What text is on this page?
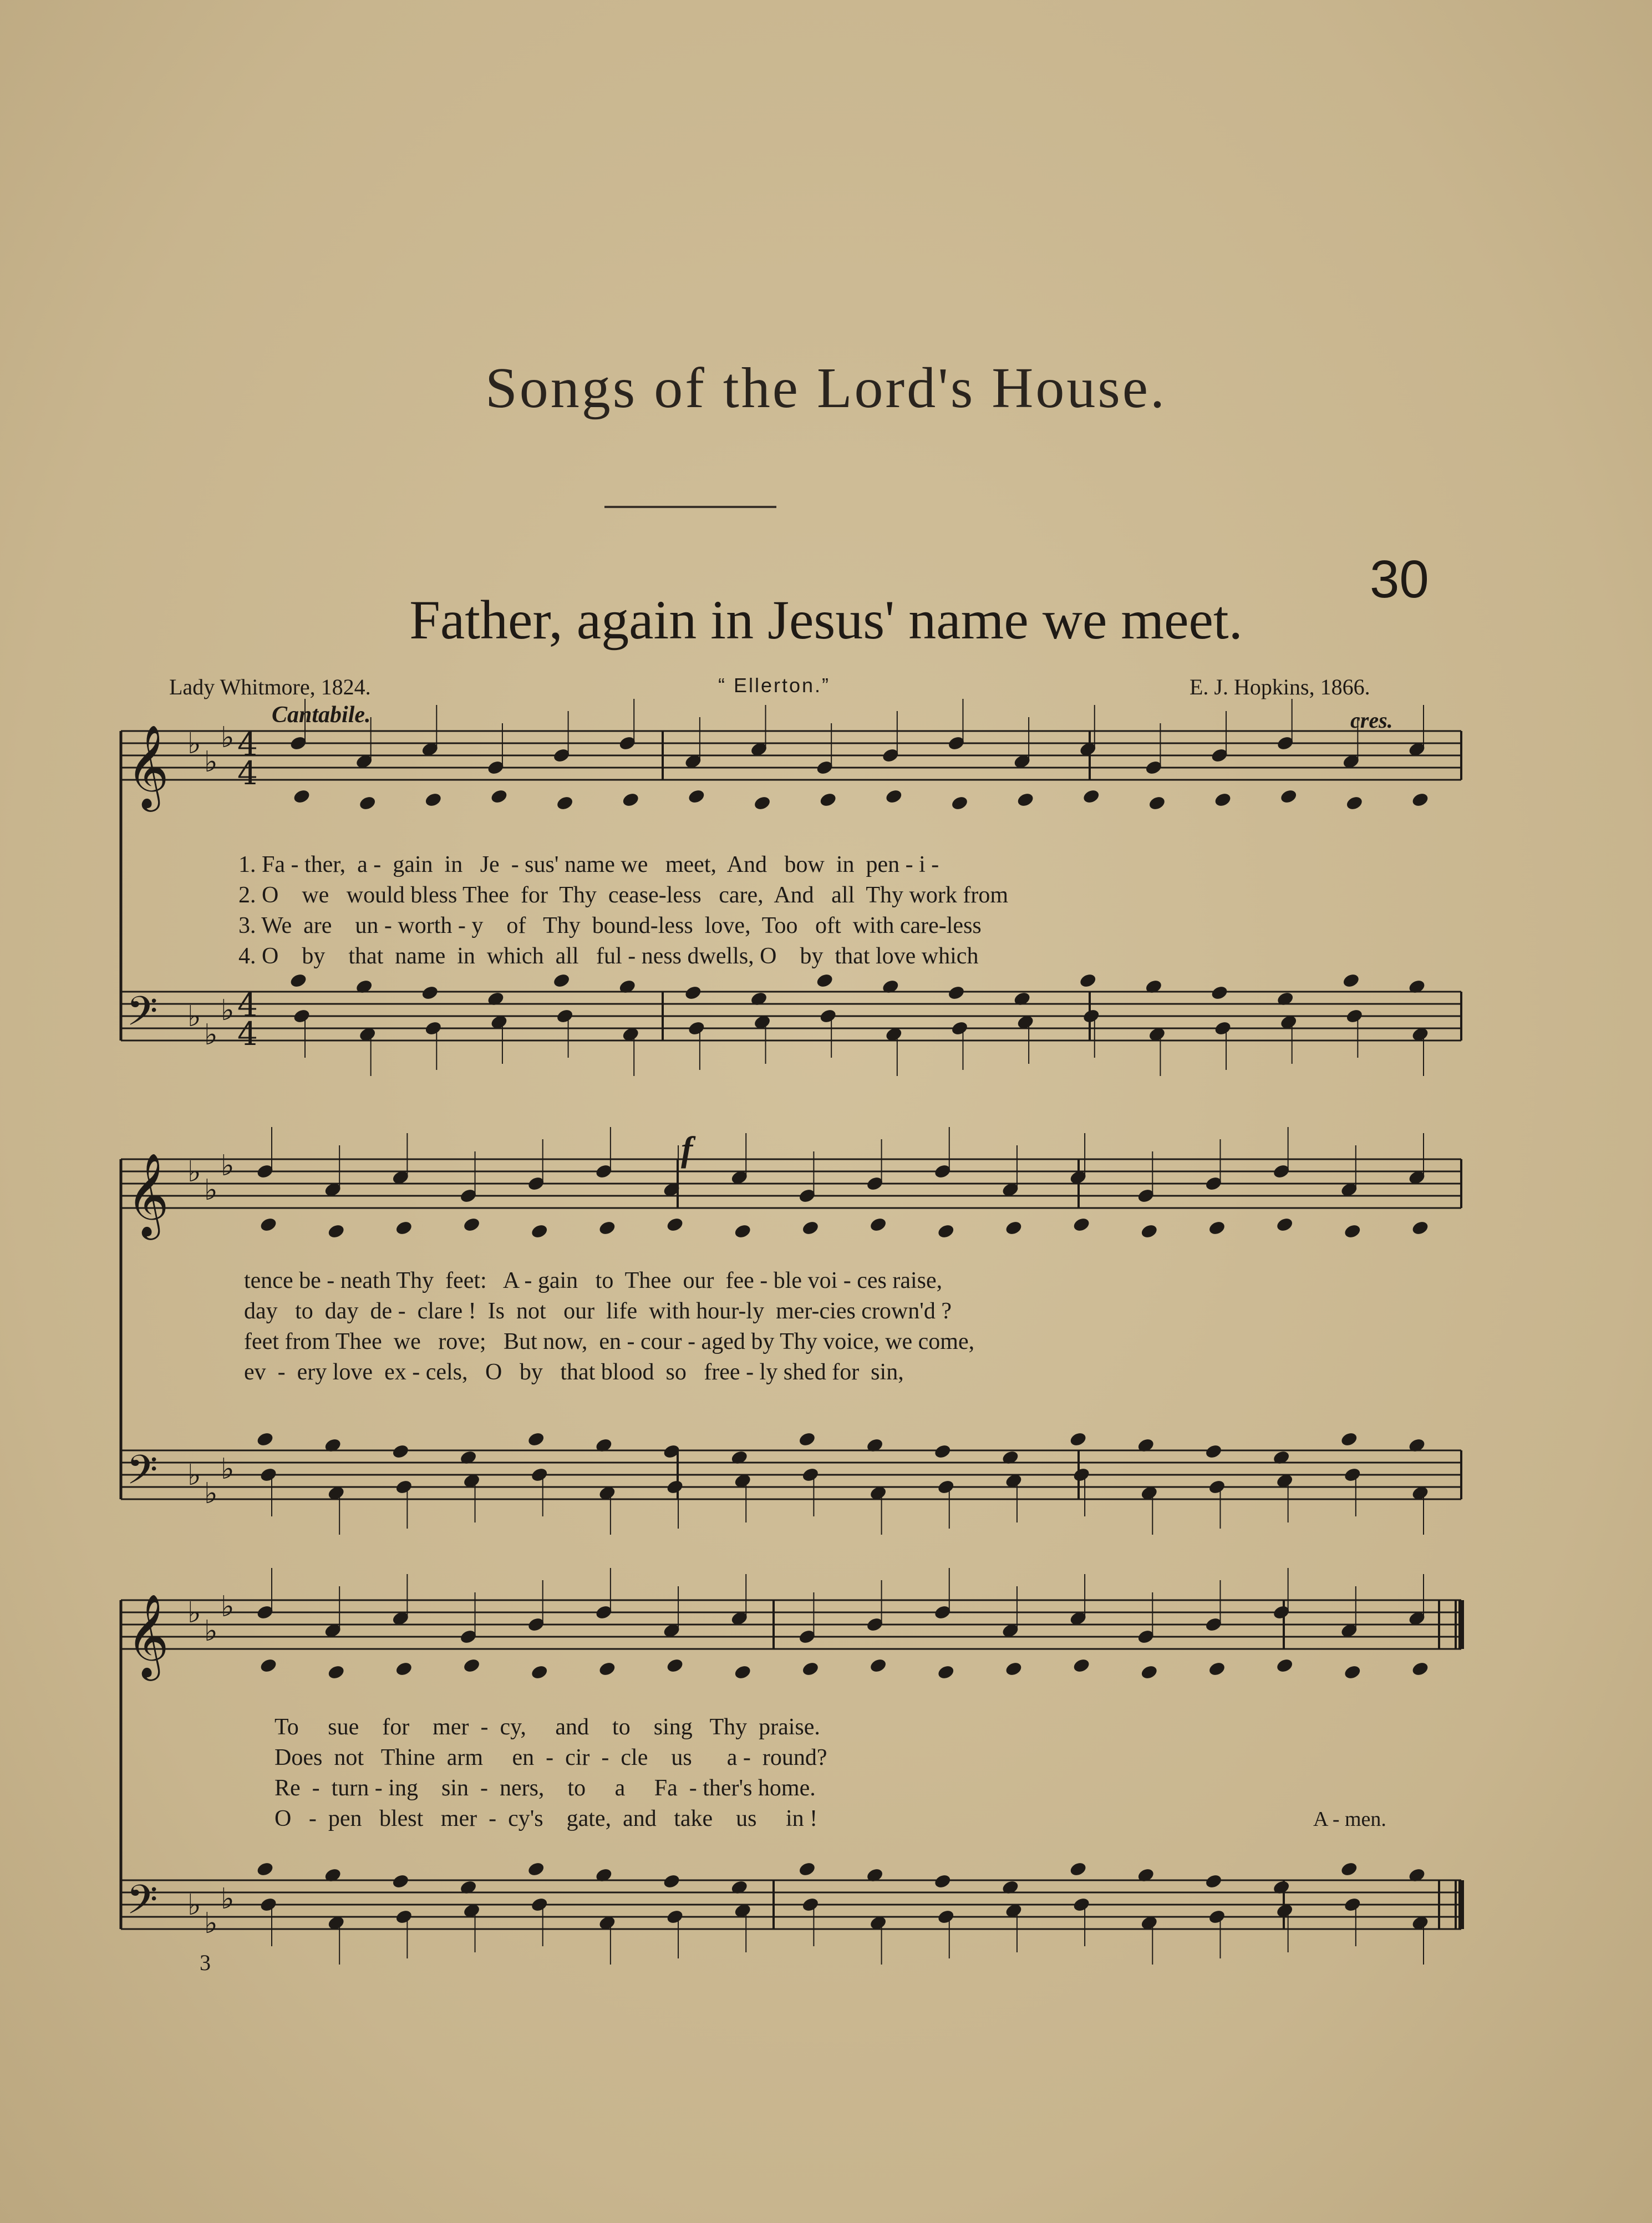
Songs of the Lord's House.
30
Father, again in Jesus' name we meet.
Lady Whitmore, 1824.	“ Ellerton.”	E. J. Hopkins, 1866.
Cantabile.	cres.
f
𝄞
𝄢
♭
♭
♭
♭
♭
♭
4
4
4
4
𝄞
𝄢
♭
♭
♭
♭
♭
♭
𝄞
𝄢
♭
♭
♭
♭
♭
♭
1. Fa - ther,  a -  gain  in   Je  - sus' name we   meet,  And   bow  in  pen - i -
2. O    we   would bless Thee  for  Thy  cease-less   care,  And   all  Thy work from
3. We  are    un - worth - y    of   Thy  bound-less  love,  Too   oft  with care-less
4. O    by    that  name  in  which  all   ful - ness dwells, O    by  that love which
tence be - neath Thy  feet:   A - gain   to  Thee  our  fee - ble voi - ces raise,
day   to  day  de -  clare !  Is  not   our  life  with hour-ly  mer-cies crown'd ?
feet from Thee  we   rove;   But now,  en - cour - aged by Thy voice, we come,
ev  -  ery love  ex - cels,   O   by   that blood  so   free - ly shed for  sin,
To     sue    for    mer  -  cy,     and    to    sing   Thy  praise.
Does  not   Thine  arm     en  -  cir  -  cle    us      a -  round?
Re  -  turn - ing    sin  -  ners,    to     a     Fa  - ther's home.
O   -  pen   blest   mer  -  cy's    gate,  and   take    us     in !	A - men.
3
